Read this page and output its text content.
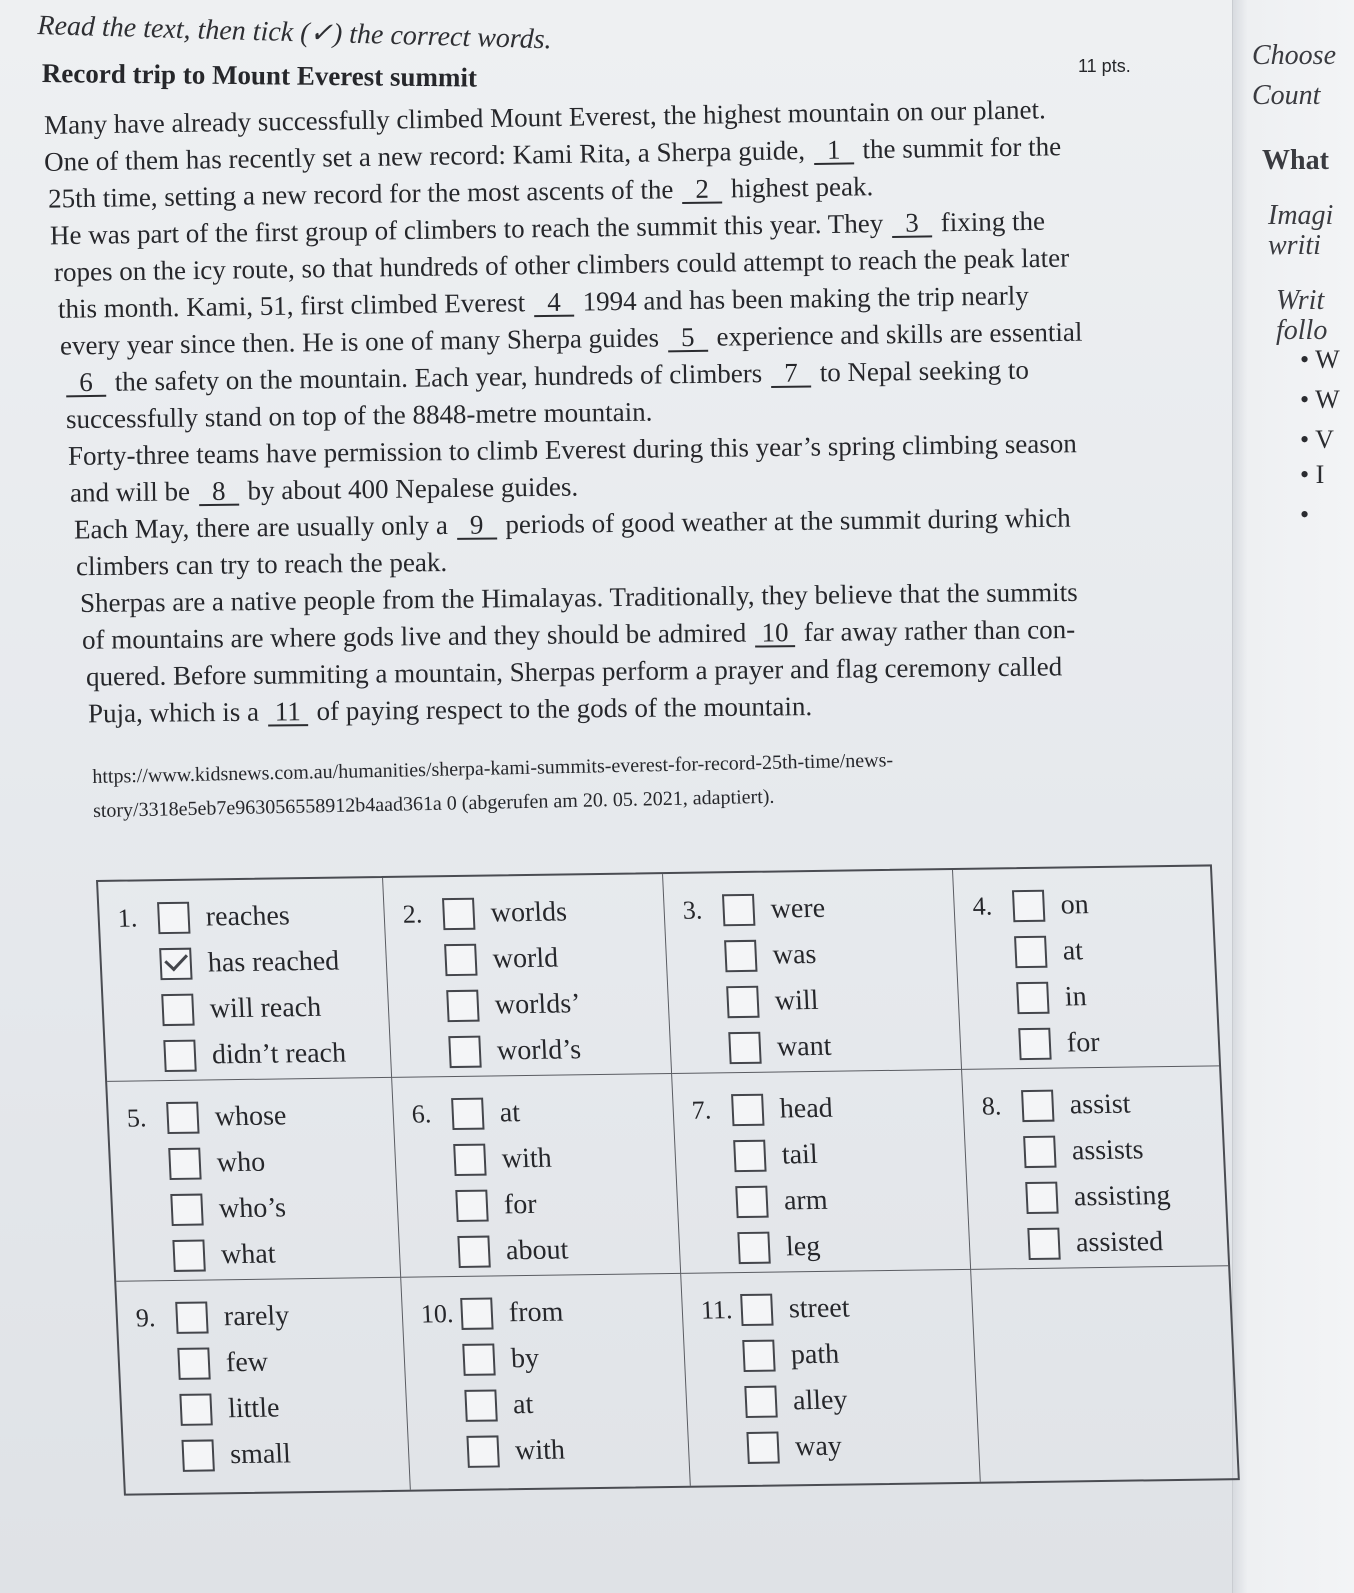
Read the text, then tick (✓) the correct words.
11 pts.
Record trip to Mount Everest summit
Many have already successfully climbed Mount Everest, the highest mountain on our planet.
One of them has recently set a new record: Kami Rita, a Sherpa guide, 1 the summit for the
25th time, setting a new record for the most ascents of the 2 highest peak.
He was part of the first group of climbers to reach the summit this year. They 3 fixing the
ropes on the icy route, so that hundreds of other climbers could attempt to reach the peak later
this month. Kami, 51, first climbed Everest 4 1994 and has been making the trip nearly
every year since then. He is one of many Sherpa guides 5 experience and skills are essential
6 the safety on the mountain. Each year, hundreds of climbers 7 to Nepal seeking to
successfully stand on top of the 8848-metre mountain.
Forty-three teams have permission to climb Everest during this year’s spring climbing season
and will be 8 by about 400 Nepalese guides.
Each May, there are usually only a 9 periods of good weather at the summit during which
climbers can try to reach the peak.
Sherpas are a native people from the Himalayas. Traditionally, they believe that the summits
of mountains are where gods live and they should be admired 10 far away rather than con-
quered. Before summiting a mountain, Sherpas perform a prayer and flag ceremony called
Puja, which is a 11 of paying respect to the gods of the mountain.
https://www.kidsnews.com.au/humanities/sherpa-kami-summits-everest-for-record-25th-time/news-
story/3318e5eb7e963056558912b4aad361a 0 (abgerufen am 20. 05. 2021, adaptiert).
1.	reaches
has reached
will reach
didn’t reach
2.	worlds
world
worlds’
world’s
3.	were
was
will
want
4.	on
at
in
for
5.	whose
who
who’s
what
6.	at
with
for
about
7.	head
tail
arm
leg
8.	assist
assists
assisting
assisted
9.	rarely
few
little
small
10. from
by
at
with
11.	street
path
alley
way
Choose
Count
What
Imagi
writi
Writ
follo
• W
• W
• V
• I
•
